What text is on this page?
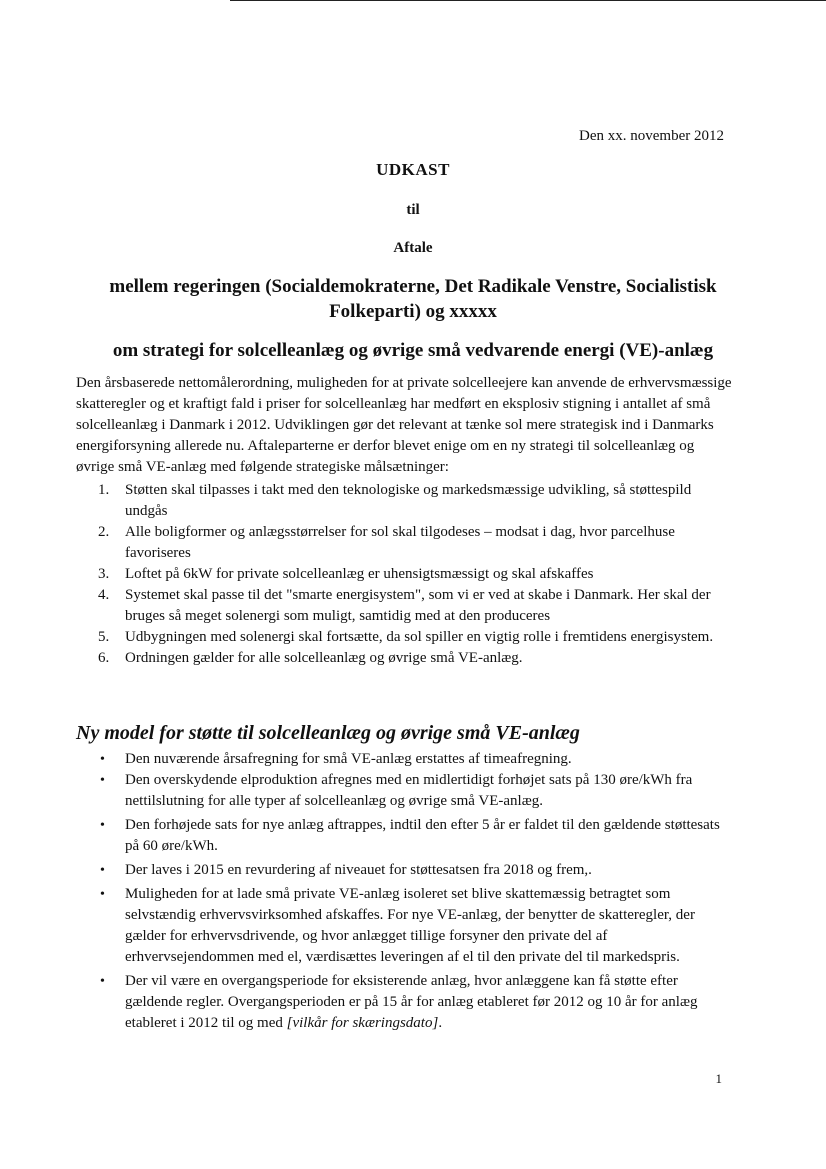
Den xx. november 2012
UDKAST
til
Aftale
mellem regeringen (Socialdemokraterne, Det Radikale Venstre, Socialistisk Folkeparti) og xxxxx
om strategi for solcelleanlæg og øvrige små vedvarende energi (VE)-anlæg

Den årsbaserede nettomålerordning, muligheden for at private solcelleejere kan anvende de erhvervsmæssige skatteregler og et kraftigt fald i priser for solcelleanlæg har medført en eksplosiv stigning i antallet af små solcelleanlæg i Danmark i 2012. Udviklingen gør det relevant at tænke sol mere strategisk ind i Danmarks energiforsyning allerede nu. Aftaleparterne er derfor blevet enige om en ny strategi til solcelleanlæg og øvrige små VE-anlæg med følgende strategiske målsætninger:

1. Støtten skal tilpasses i takt med den teknologiske og markedsmæssige udvikling, så støttespild undgås
2. Alle boligformer og anlægsstørrelser for sol skal tilgodeses – modsat i dag, hvor parcelhuse favoriseres
3. Loftet på 6kW for private solcelleanlæg er uhensigtsmæssigt og skal afskaffes
4. Systemet skal passe til det "smarte energisystem", som vi er ved at skabe i Danmark. Her skal der bruges så meget solenergi som muligt, samtidig med at den produceres
5. Udbygningen med solenergi skal fortsætte, da sol spiller en vigtig rolle i fremtidens energisystem.
6. Ordningen gælder for alle solcelleanlæg og øvrige små VE-anlæg.
Ny model for støtte til solcelleanlæg og øvrige små VE-anlæg
• Den nuværende årsafregning for små VE-anlæg erstattes af timeafregning.
• Den overskydende elproduktion afregnes med en midlertidigt forhøjet sats på 130 øre/kWh fra nettilslutning for alle typer af solcelleanlæg og øvrige små VE-anlæg.
• Den forhøjede sats for nye anlæg aftrappes, indtil den efter 5 år er faldet til den gældende støttesats på 60 øre/kWh.
• Der laves i 2015 en revurdering af niveauet for støttesatsen fra 2018 og frem,.
• Muligheden for at lade små private VE-anlæg isoleret set blive skattemæssig betragtet som selvstændig erhvervsvirksomhed afskaffes. For nye VE-anlæg, der benytter de skatteregler, der gælder for erhvervsdrivende, og hvor anlægget tillige forsyner den private del af erhvervsejendommen med el, værdisættes leveringen af el til den private del til markedspris.
• Der vil være en overgangsperiode for eksisterende anlæg, hvor anlæggene kan få støtte efter gældende regler. Overgangsperioden er på 15 år for anlæg etableret før 2012 og 10 år for anlæg etableret i 2012 til og med [vilkår for skæringsdato].
1
